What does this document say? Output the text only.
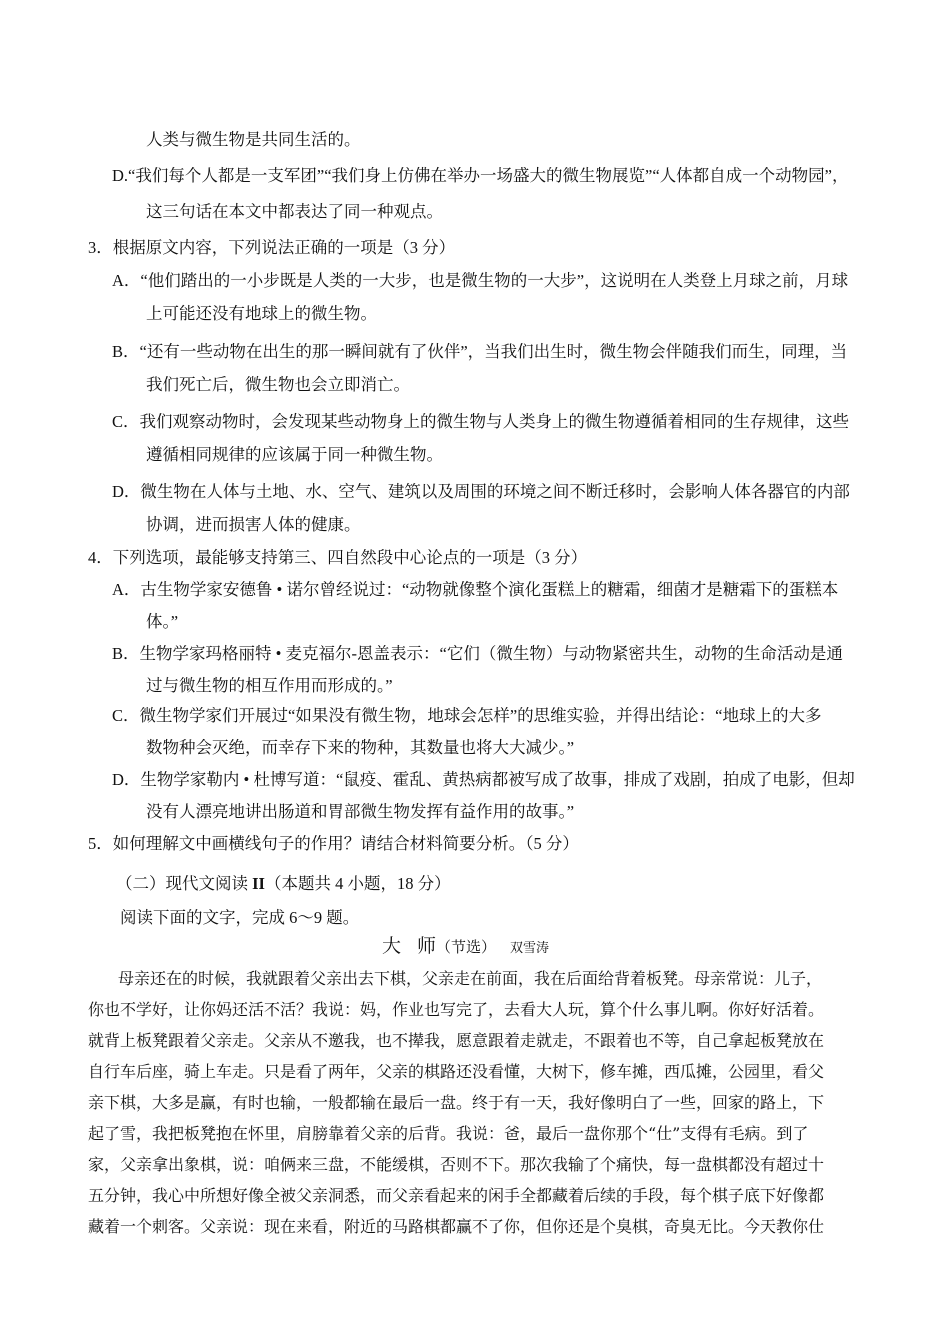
人类与微生物是共同生活的。
D.“我们每个人都是一支军团”“我们身上仿佛在举办一场盛大的微生物展览”“人体都自成一个动物园”，
这三句话在本文中都表达了同一种观点。
3．根据原文内容，下列说法正确的一项是（3 分）
A．“他们踏出的一小步既是人类的一大步，也是微生物的一大步”，这说明在人类登上月球之前，月球
上可能还没有地球上的微生物。
B．“还有一些动物在出生的那一瞬间就有了伙伴”，当我们出生时，微生物会伴随我们而生，同理，当
我们死亡后，微生物也会立即消亡。
C．我们观察动物时，会发现某些动物身上的微生物与人类身上的微生物遵循着相同的生存规律，这些
遵循相同规律的应该属于同一种微生物。
D．微生物在人体与土地、水、空气、建筑以及周围的环境之间不断迁移时，会影响人体各器官的内部
协调，进而损害人体的健康。
4．下列选项，最能够支持第三、四自然段中心论点的一项是（3 分）
A．古生物学家安德鲁 • 诺尔曾经说过：“动物就像整个演化蛋糕上的糖霜，细菌才是糖霜下的蛋糕本
体。”
B．生物学家玛格丽特 • 麦克福尔-恩盖表示：“它们（微生物）与动物紧密共生，动物的生命活动是通
过与微生物的相互作用而形成的。”
C．微生物学家们开展过“如果没有微生物，地球会怎样”的思维实验，并得出结论：“地球上的大多
数物种会灭绝，而幸存下来的物种，其数量也将大大减少。”
D．生物学家勒内 • 杜博写道：“鼠疫、霍乱、黄热病都被写成了故事，排成了戏剧，拍成了电影，但却
没有人漂亮地讲出肠道和胃部微生物发挥有益作用的故事。”
5．如何理解文中画横线句子的作用？请结合材料简要分析。（5 分）
（二）现代文阅读 II（本题共 4 小题，18 分）
阅读下面的文字，完成 6～9 题。
大 师（节选） 双雪涛
母亲还在的时候，我就跟着父亲出去下棋，父亲走在前面，我在后面给背着板凳。母亲常说：儿子，
你也不学好，让你妈还活不活？我说：妈，作业也写完了，去看大人玩，算个什么事儿啊。你好好活着。
就背上板凳跟着父亲走。父亲从不邀我，也不撵我，愿意跟着走就走，不跟着也不等，自己拿起板凳放在
自行车后座，骑上车走。只是看了两年，父亲的棋路还没看懂，大树下，修车摊，西瓜摊，公园里，看父
亲下棋，大多是赢，有时也输，一般都输在最后一盘。终于有一天，我好像明白了一些，回家的路上，下
起了雪，我把板凳抱在怀里，肩膀靠着父亲的后背。我说：爸，最后一盘你那个“仕”支得有毛病。到了
家，父亲拿出象棋，说：咱俩来三盘，不能缓棋，否则不下。那次我输了个痛快，每一盘棋都没有超过十
五分钟，我心中所想好像全被父亲洞悉，而父亲看起来的闲手全都藏着后续的手段，每个棋子底下好像都
藏着一个刺客。父亲说：现在来看，附近的马路棋都赢不了你，但你还是个臭棋，奇臭无比。今天教你仕
